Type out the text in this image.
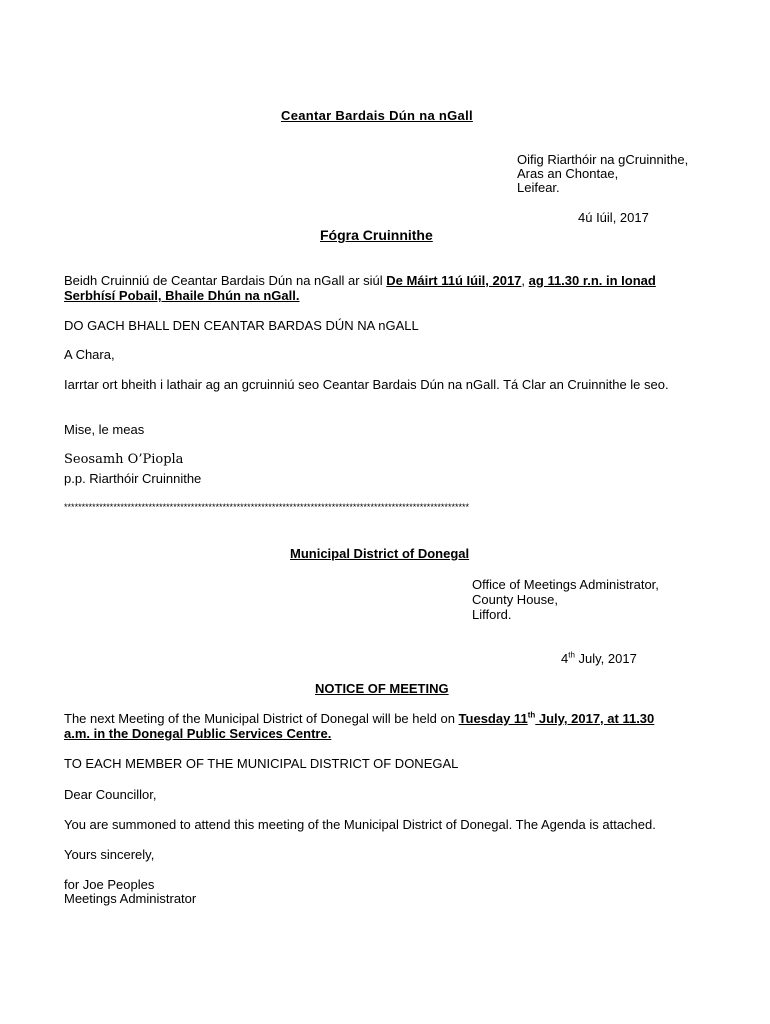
Ceantar Bardais Dún na nGall
Oifig Riarthóir na gCruinnithe,
Aras an Chontae,
Leifear.
4ú Iúil, 2017
Fógra Cruinnithe
Beidh Cruinniú de Ceantar Bardais Dún na nGall ar siúl De Máirt 11ú Iúil, 2017, ag 11.30 r.n. in Ionad
Serbhísí Pobail, Bhaile Dhún na nGall.
DO GACH BHALL DEN CEANTAR BARDAS DÚN NA nGALL
A Chara,
Iarrtar ort bheith i lathair ag an gcruinniú seo Ceantar Bardais Dún na nGall. Tá Clar an Cruinnithe le seo.
Mise, le meas
Seosamh O’Piopla
p.p. Riarthóir Cruinnithe
*******************************************************************************************************************
Municipal District of Donegal
Office of Meetings Administrator,
County House,
Lifford.
4th July, 2017
NOTICE OF MEETING
The next Meeting of the Municipal District of Donegal will be held on Tuesday 11th July, 2017, at 11.30
a.m. in the Donegal Public Services Centre.
TO EACH MEMBER OF THE MUNICIPAL DISTRICT OF DONEGAL
Dear Councillor,
You are summoned to attend this meeting of the Municipal District of Donegal. The Agenda is attached.
Yours sincerely,
for Joe Peoples
Meetings Administrator
